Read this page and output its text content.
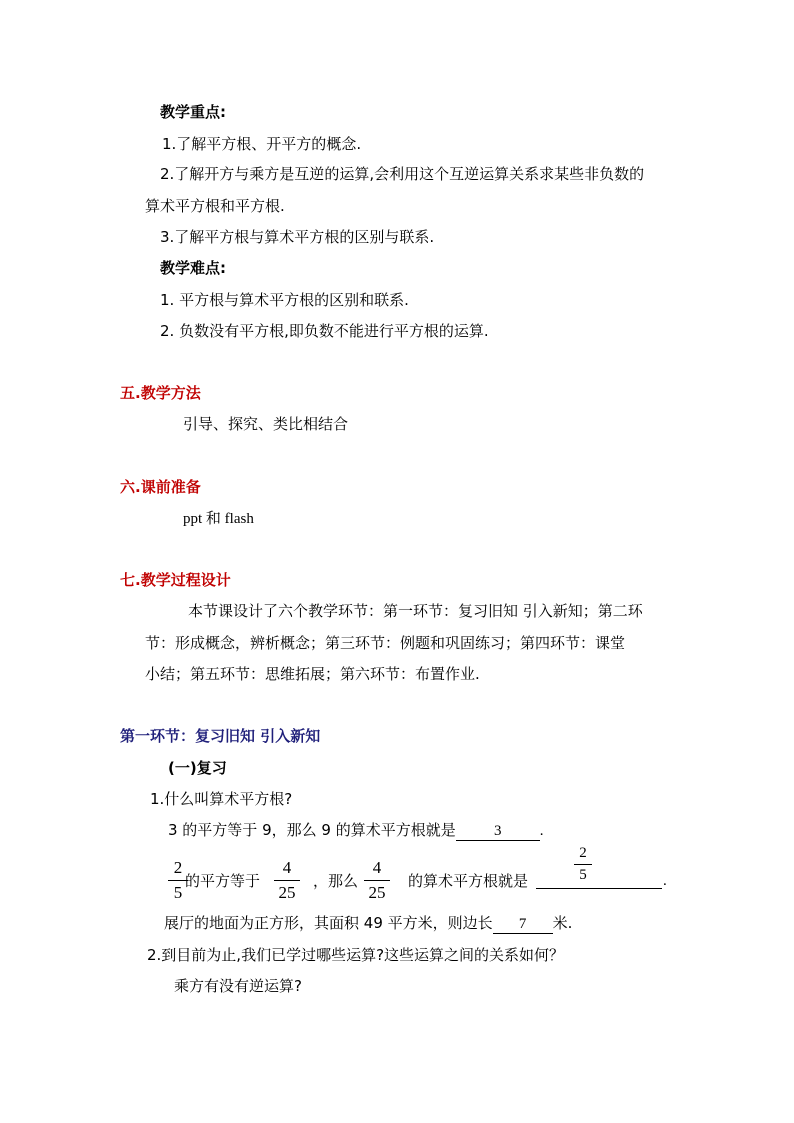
教学重点:
1.了解平方根、开平方的概念.
2.了解开方与乘方是互逆的运算,会利用这个互逆运算关系求某些非负数的
算术平方根和平方根.
3.了解平方根与算术平方根的区别与联系.
教学难点:
1. 平方根与算术平方根的区别和联系.
2. 负数没有平方根,即负数不能进行平方根的运算.
五.教学方法
引导、探究、类比相结合
六.课前准备
ppt 和 flash
七.教学过程设计
本节课设计了六个教学环节：第一环节：复习旧知 引入新知；第二环
节：形成概念，辨析概念；第三环节：例题和巩固练习；第四环节：课堂
小结；第五环节：思维拓展；第六环节：布置作业.
第一环节：复习旧知 引入新知
(一)复习
1.什么叫算术平方根?
3 的平方等于 9，那么 9 的算术平方根就是	3	.
2
5
的平方等于
4
25
，那么
4
25
的算术平方根就是
2
5	.
展厅的地面为正方形，其面积 49 平方米，则边长 7 米.
2.到目前为止,我们已学过哪些运算?这些运算之间的关系如何？
乘方有没有逆运算?
